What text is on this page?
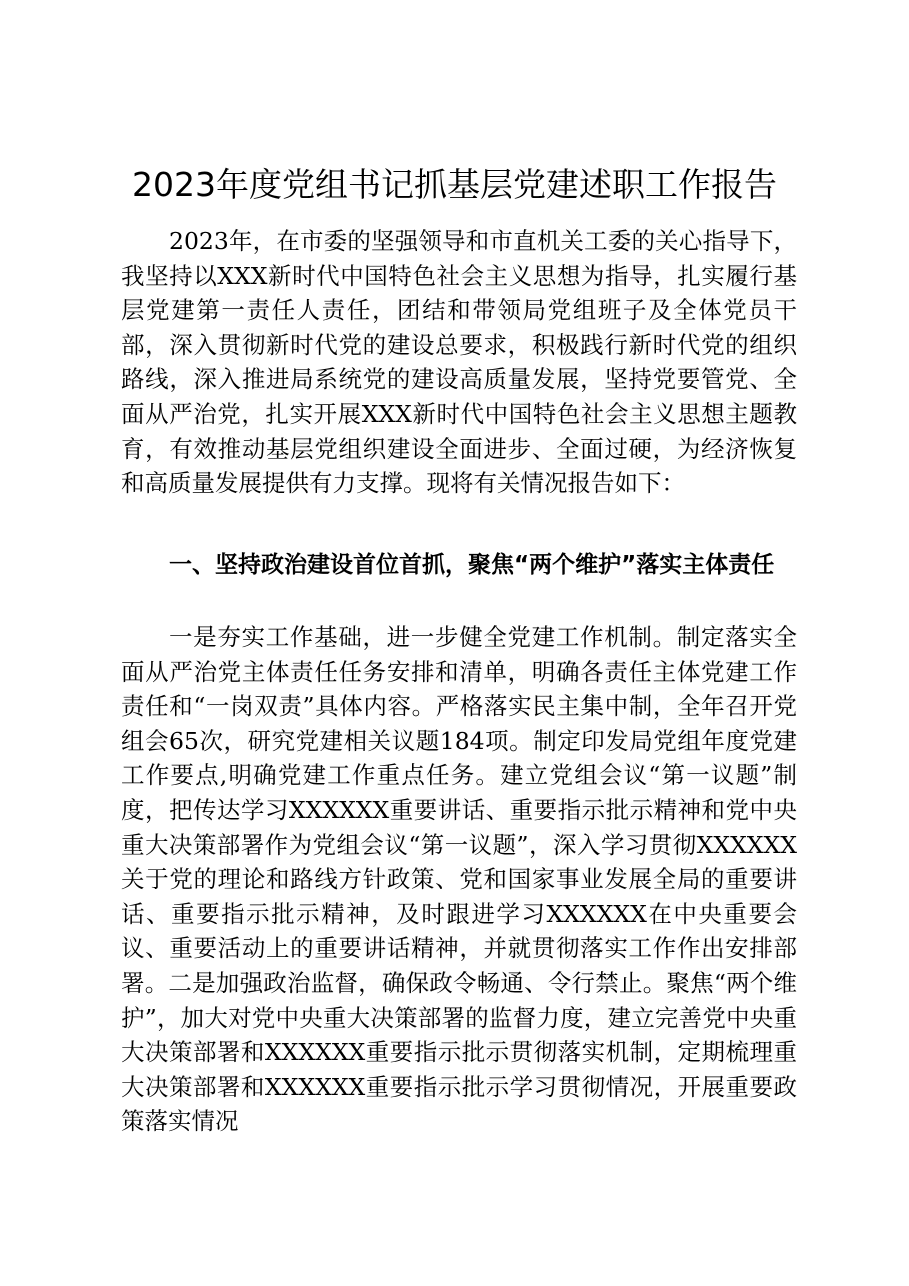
2023年度党组书记抓基层党建述职工作报告

2023年，在市委的坚强领导和市直机关工委的关心指导下，我坚持以XXX新时代中国特色社会主义思想为指导，扎实履行基层党建第一责任人责任，团结和带领局党组班子及全体党员干部，深入贯彻新时代党的建设总要求，积极践行新时代党的组织路线，深入推进局系统党的建设高质量发展，坚持党要管党、全面从严治党，扎实开展XXX新时代中国特色社会主义思想主题教育，有效推动基层党组织建设全面进步、全面过硬，为经济恢复和高质量发展提供有力支撑。现将有关情况报告如下：

一、坚持政治建设首位首抓，聚焦“两个维护”落实主体责任

一是夯实工作基础，进一步健全党建工作机制。制定落实全面从严治党主体责任任务安排和清单，明确各责任主体党建工作责任和“一岗双责”具体内容。严格落实民主集中制，全年召开党组会65次，研究党建相关议题184项。制定印发局党组年度党建工作要点,明确党建工作重点任务。建立党组会议“第一议题”制度，把传达学习XXXXXX重要讲话、重要指示批示精神和党中央重大决策部署作为党组会议“第一议题”，深入学习贯彻XXXXXX关于党的理论和路线方针政策、党和国家事业发展全局的重要讲话、重要指示批示精神，及时跟进学习XXXXXX在中央重要会议、重要活动上的重要讲话精神，并就贯彻落实工作作出安排部署。二是加强政治监督，确保政令畅通、令行禁止。聚焦“两个维护”，加大对党中央重大决策部署的监督力度，建立完善党中央重大决策部署和XXXXXX重要指示批示贯彻落实机制，定期梳理重大决策部署和XXXXXX重要指示批示学习贯彻情况，开展重要政策落实情况
